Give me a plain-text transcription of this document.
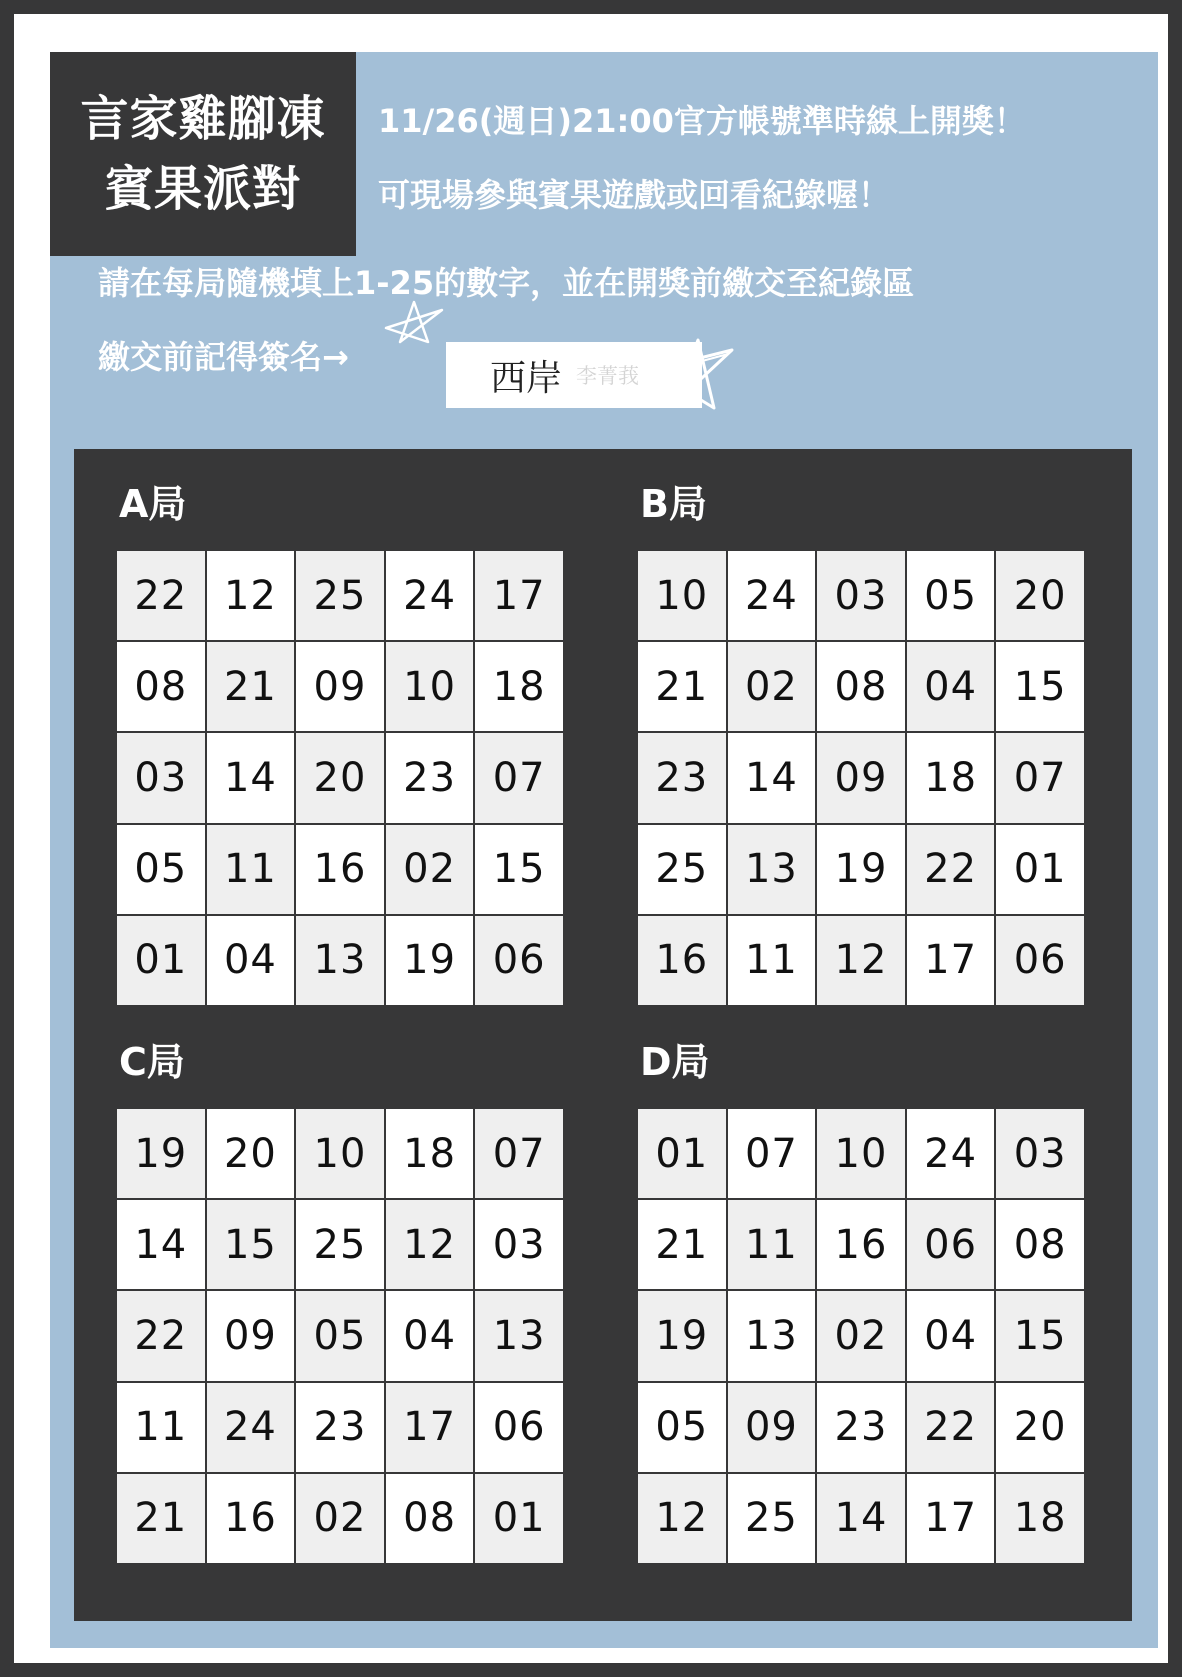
言家雞腳凍
賓果派對
11/26(週日)21:00官方帳號準時線上開獎！
可現場參與賓果遊戲或回看紀錄喔！
請在每局隨機填上1-25的數字，並在開獎前繳交至紀錄區
繳交前記得簽名→
西岸 李菁莪
A局
22 12 25 24 17
08 21 09 10 18
03 14 20 23 07
05 11 16 02 15
01 04 13 19 06
B局
10 24 03 05 20
21 02 08 04 15
23 14 09 18 07
25 13 19 22 01
16 11 12 17 06
C局
19 20 10 18 07
14 15 25 12 03
22 09 05 04 13
11 24 23 17 06
21 16 02 08 01
D局
01 07 10 24 03
21 11 16 06 08
19 13 02 04 15
05 09 23 22 20
12 25 14 17 18
